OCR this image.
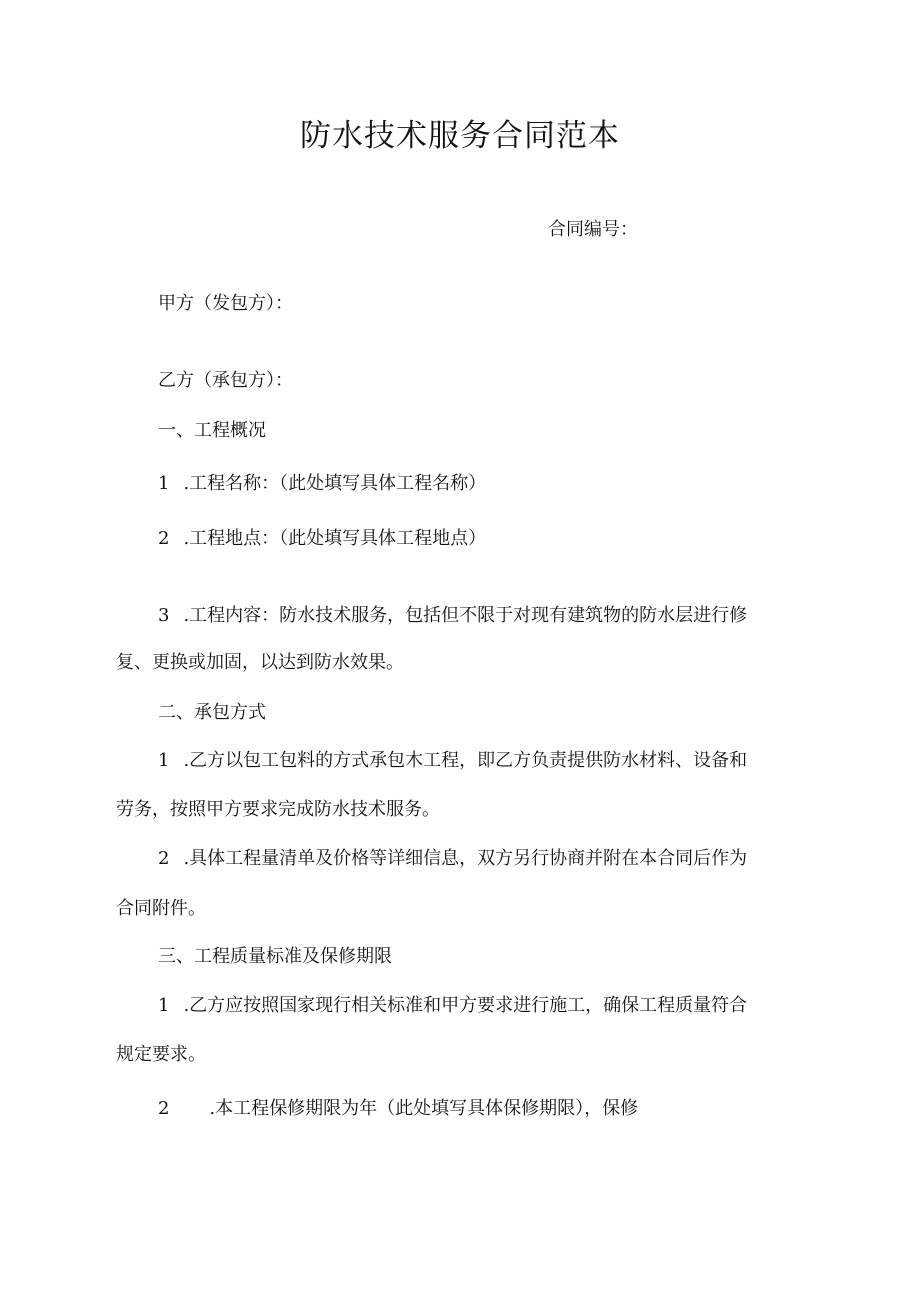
防水技术服务合同范本
合同编号：
甲方（发包方）：
乙方（承包方）：
一、工程概况
1 .工程名称：（此处填写具体工程名称）
2 .工程地点：（此处填写具体工程地点）
3 .工程内容：防水技术服务，包括但不限于对现有建筑物的防水层进行修
复、更换或加固，以达到防水效果。
二、承包方式
1 .乙方以包工包料的方式承包木工程，即乙方负责提供防水材料、设备和
劳务，按照甲方要求完成防水技术服务。
2 .具体工程量清单及价格等详细信息，双方另行协商并附在本合同后作为
合同附件。
三、工程质量标准及保修期限
1 .乙方应按照国家现行相关标准和甲方要求进行施工，确保工程质量符合
规定要求。
2 .本工程保修期限为年（此处填写具体保修期限），保修
